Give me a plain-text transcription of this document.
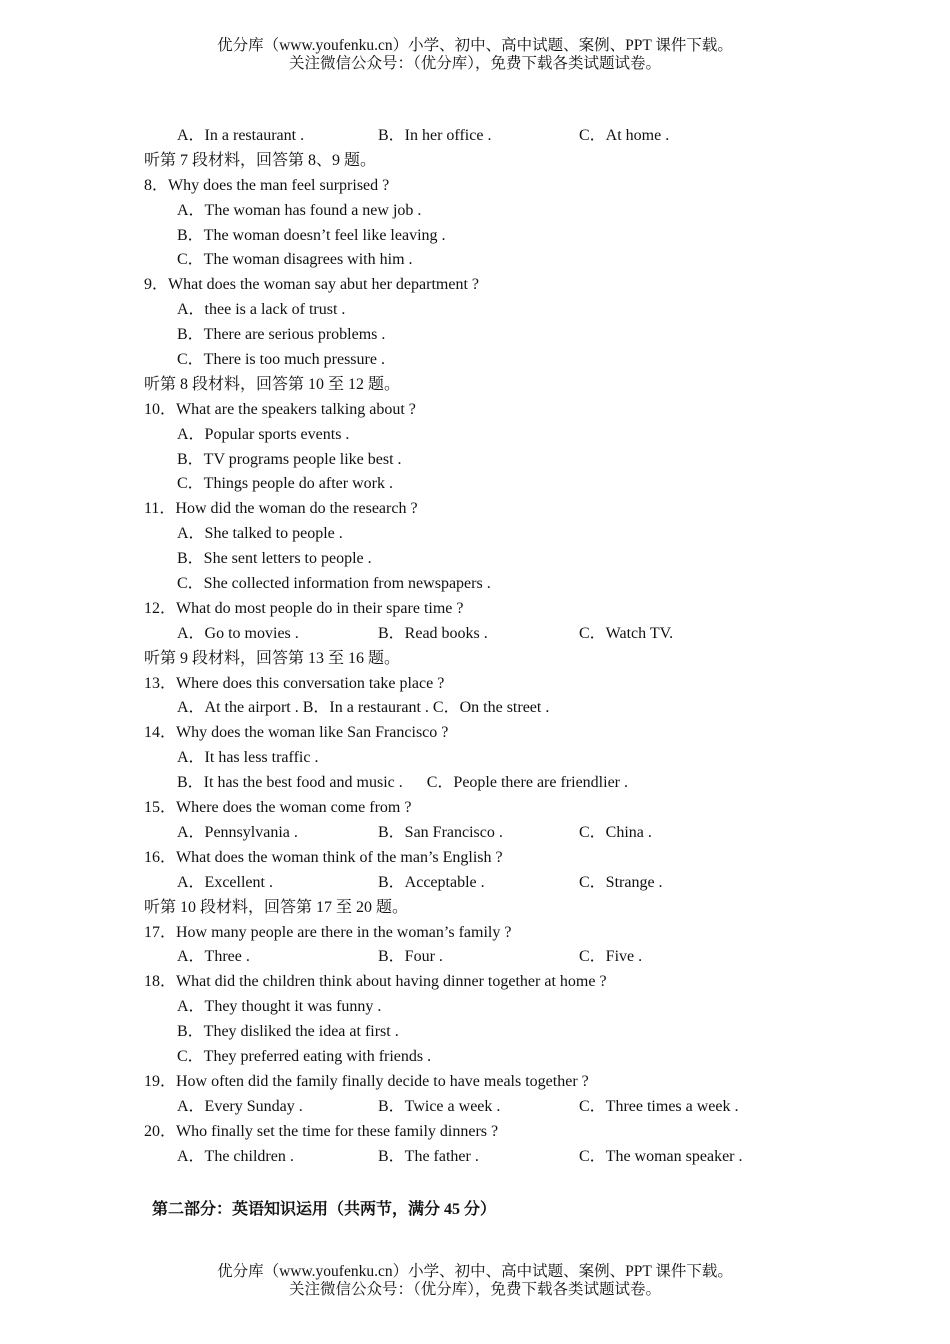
优分库（www.youfenku.cn）小学、初中、高中试题、案例、PPT 课件下载。
关注微信公众号：（优分库），免费下载各类试题试卷。
A．In a restaurant .	B．In her office .	C．At home .
听第 7 段材料，回答第 8、9 题。
8．Why does the man feel surprised ?
A．The woman has found a new job .
B．The woman doesn’t feel like leaving .
C．The woman disagrees with him .
9．What does the woman say abut her department ?
A．thee is a lack of trust .
B．There are serious problems .
C．There is too much pressure .
听第 8 段材料，回答第 10 至 12 题。
10．What are the speakers talking about ?
A．Popular sports events .
B．TV programs people like best .
C．Things people do after work .
11．How did the woman do the research ?
A．She talked to people .
B．She sent letters to people .
C．She collected information from newspapers .
12．What do most people do in their spare time ?
A．Go to movies .	B．Read books .	C．Watch TV.
听第 9 段材料，回答第 13 至 16 题。
13．Where does this conversation take place ?
A．At the airport . B．In a restaurant . C．On the street .
14．Why does the woman like San Francisco ?
A．It has less traffic .
B．It has the best food and music .      C．People there are friendlier .
15．Where does the woman come from ?
A．Pennsylvania .	B．San Francisco .	C．China .
16．What does the woman think of the man’s English ?
A．Excellent .	B．Acceptable .	C．Strange .
听第 10 段材料，回答第 17 至 20 题。
17．How many people are there in the woman’s family ?
A．Three .	B．Four .	C．Five .
18．What did the children think about having dinner together at home ?
A．They thought it was funny .
B．They disliked the idea at first .
C．They preferred eating with friends .
19．How often did the family finally decide to have meals together ?
A．Every Sunday .	B．Twice a week .	C．Three times a week .
20．Who finally set the time for these family dinners ?
A．The children .	B．The father .	C．The woman speaker .
第二部分：英语知识运用（共两节，满分 45 分）
优分库（www.youfenku.cn）小学、初中、高中试题、案例、PPT 课件下载。
关注微信公众号：（优分库），免费下载各类试题试卷。
